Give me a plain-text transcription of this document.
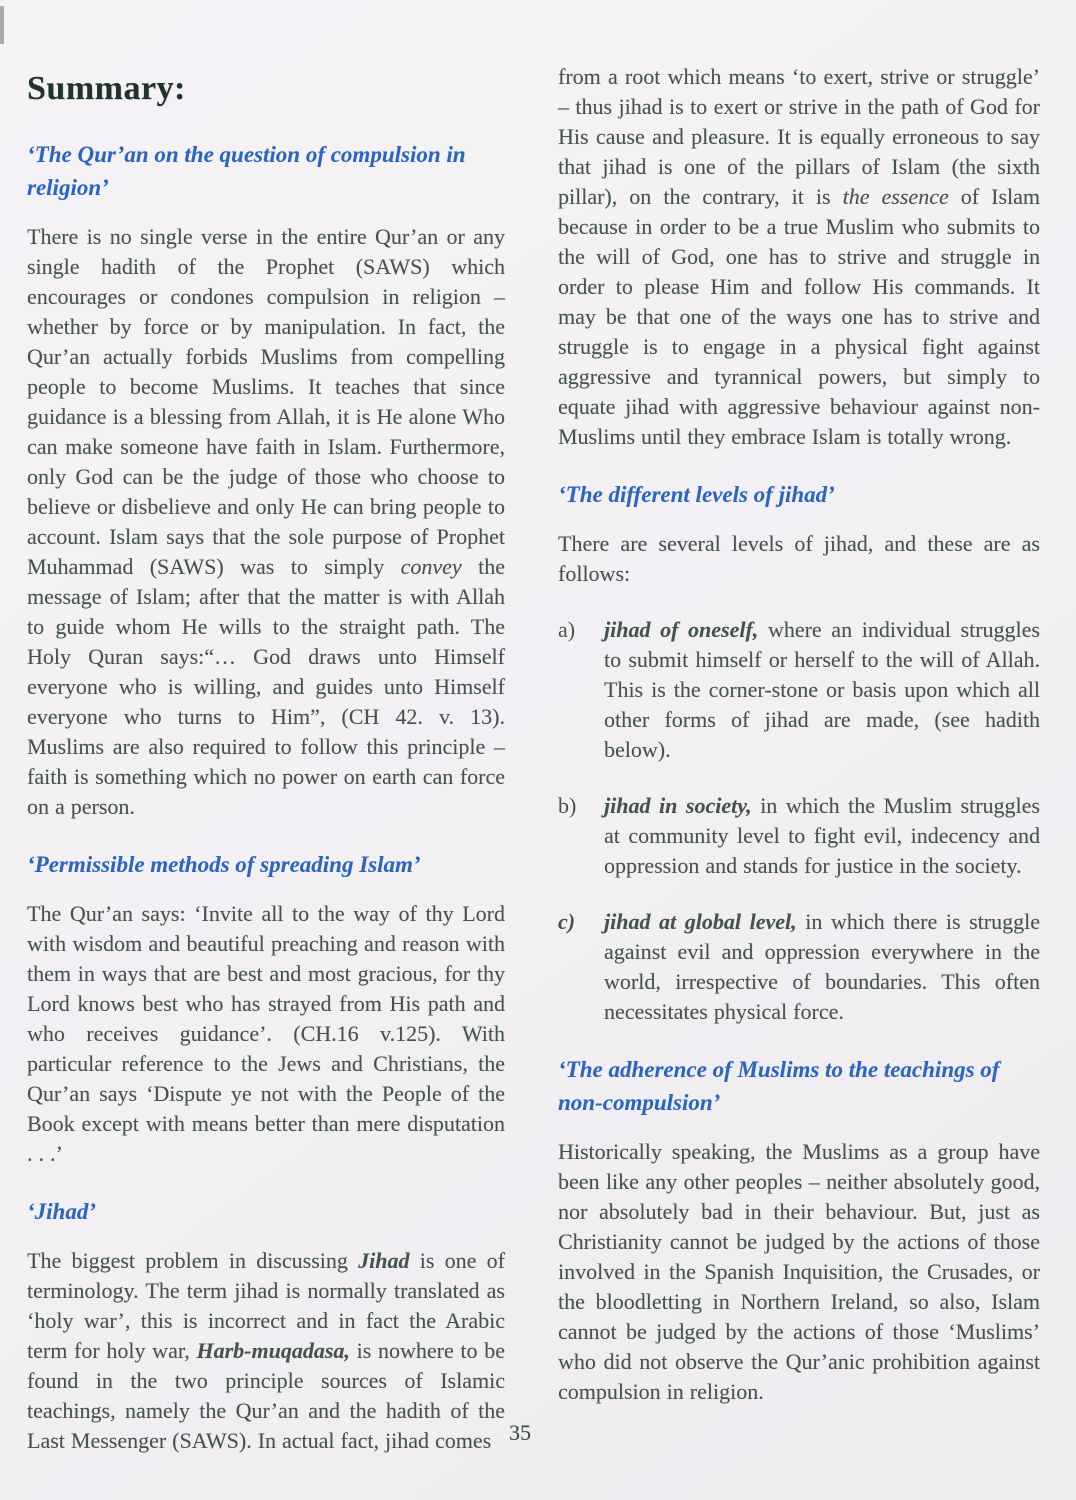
Summary:
‘The Qur’an on the question of compulsion in religion’

There is no single verse in the entire Qur’an or any single hadith of the Prophet (SAWS) which encourages or condones compulsion in religion – whether by force or by manipulation. In fact, the Qur’an actually forbids Muslims from compelling people to become Muslims. It teaches that since guidance is a blessing from Allah, it is He alone Who can make someone have faith in Islam. Furthermore, only God can be the judge of those who choose to believe or disbelieve and only He can bring people to account. Islam says that the sole purpose of Prophet Muhammad (SAWS) was to simply convey the message of Islam; after that the matter is with Allah to guide whom He wills to the straight path. The Holy Quran says:“… God draws unto Himself everyone who is willing, and guides unto Himself everyone who turns to Him”, (CH 42. v. 13). Muslims are also required to follow this principle – faith is something which no power on earth can force on a person.

‘Permissible methods of spreading Islam’

The Qur’an says: ‘Invite all to the way of thy Lord with wisdom and beautiful preaching and reason with them in ways that are best and most gracious, for thy Lord knows best who has strayed from His path and who receives guidance’. (CH.16 v.125). With particular reference to the Jews and Christians, the Qur’an says ‘Dispute ye not with the People of the Book except with means better than mere disputation . . .’

‘Jihad’

The biggest problem in discussing Jihad is one of terminology. The term jihad is normally translated as ‘holy war’, this is incorrect and in fact the Arabic term for holy war, Harb-muqadasa, is nowhere to be found in the two principle sources of Islamic teachings, namely the Qur’an and the hadith of the Last Messenger (SAWS). In actual fact, jihad comes

from a root which means ‘to exert, strive or struggle’ – thus jihad is to exert or strive in the path of God for His cause and pleasure. It is equally erroneous to say that jihad is one of the pillars of Islam (the sixth pillar), on the contrary, it is the essence of Islam because in order to be a true Muslim who submits to the will of God, one has to strive and struggle in order to please Him and follow His commands. It may be that one of the ways one has to strive and struggle is to engage in a physical fight against aggressive and tyrannical powers, but simply to equate jihad with aggressive behaviour against non-Muslims until they embrace Islam is totally wrong.

‘The different levels of jihad’

There are several levels of jihad, and these are as follows:

a)	jihad of oneself, where an individual struggles to submit himself or herself to the will of Allah. This is the corner-stone or basis upon which all other forms of jihad are made, (see hadith below).
b)	jihad in society, in which the Muslim struggles at community level to fight evil, indecency and oppression and stands for justice in the society.
c)	jihad at global level, in which there is struggle against evil and oppression everywhere in the world, irrespective of boundaries. This often necessitates physical force.
‘The adherence of Muslims to the teachings of non-compulsion’

Historically speaking, the Muslims as a group have been like any other peoples – neither absolutely good, nor absolutely bad in their behaviour. But, just as Christianity cannot be judged by the actions of those involved in the Spanish Inquisition, the Crusades, or the bloodletting in Northern Ireland, so also, Islam cannot be judged by the actions of those ‘Muslims’ who did not observe the Qur’anic prohibition against compulsion in religion.

35
